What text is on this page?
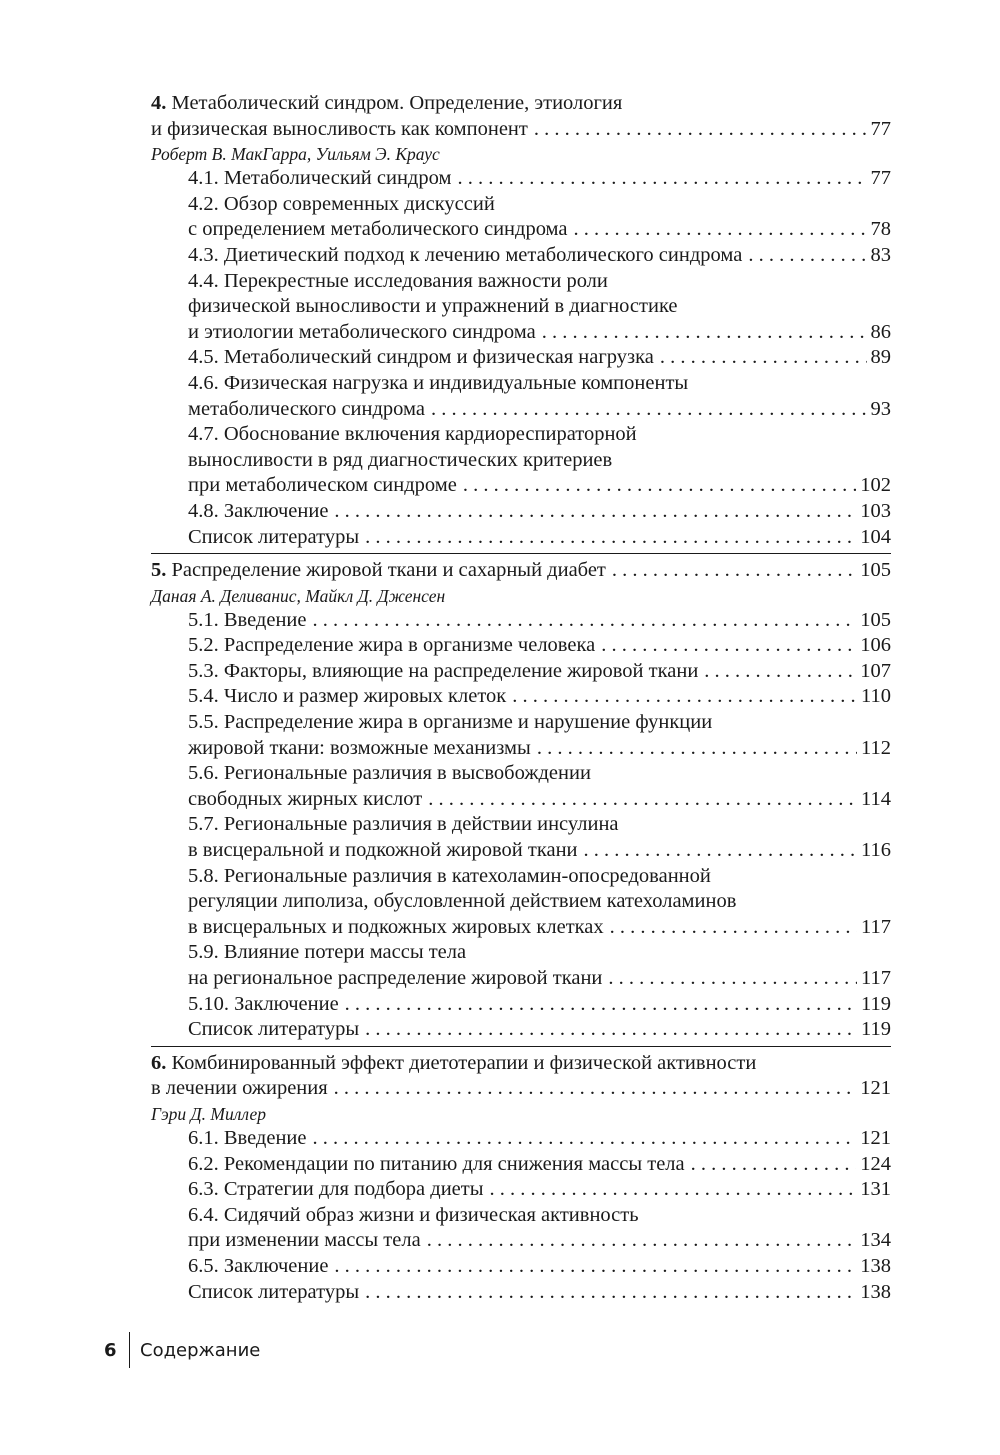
4. Метаболический синдром. Определение, этиология
и физическая выносливость как компонент . . .	77
Роберт В. МакГарра, Уильям Э. Краус
4.1. Метаболический синдром . . .	77
4.2. Обзор современных дискуссий
с определением метаболического синдрома . . .	78
4.3. Диетический подход к лечению метаболического синдрома . . .	83
4.4. Перекрестные исследования важности роли
физической выносливости и упражнений в диагностике
и этиологии метаболического синдрома . . .	86
4.5. Метаболический синдром и физическая нагрузка . . .	89
4.6. Физическая нагрузка и индивидуальные компоненты
метаболического синдрома . . .	93
4.7. Обоснование включения кардиореспираторной
выносливости в ряд диагностических критериев
при метаболическом синдроме . . .	102
4.8. Заключение . . .	103
Список литературы . . .	104
5. Распределение жировой ткани и сахарный диабет . . .	105
Даная А. Деливанис, Майкл Д. Дженсен
5.1. Введение . . .	105
5.2. Распределение жира в организме человека . . .	106
5.3. Факторы, влияющие на распределение жировой ткани . . .	107
5.4. Число и размер жировых клеток . . .	110
5.5. Распределение жира в организме и нарушение функции
жировой ткани: возможные механизмы . . .	112
5.6. Региональные различия в высвобождении
свободных жирных кислот . . .	114
5.7. Региональные различия в действии инсулина
в висцеральной и подкожной жировой ткани . . .	116
5.8. Региональные различия в катехоламин-опосредованной
регуляции липолиза, обусловленной действием катехоламинов
в висцеральных и подкожных жировых клетках . . .	117
5.9. Влияние потери массы тела
на региональное распределение жировой ткани . . .	117
5.10. Заключение . . .	119
Список литературы . . .	119
6. Комбинированный эффект диетотерапии и физической активности
в лечении ожирения . . .	121
Гэри Д. Миллер
6.1. Введение . . .	121
6.2. Рекомендации по питанию для снижения массы тела . . .	124
6.3. Стратегии для подбора диеты . . .	131
6.4. Сидячий образ жизни и физическая активность
при изменении массы тела . . .	134
6.5. Заключение . . .	138
Список литературы . . .	138
6 Содержание
